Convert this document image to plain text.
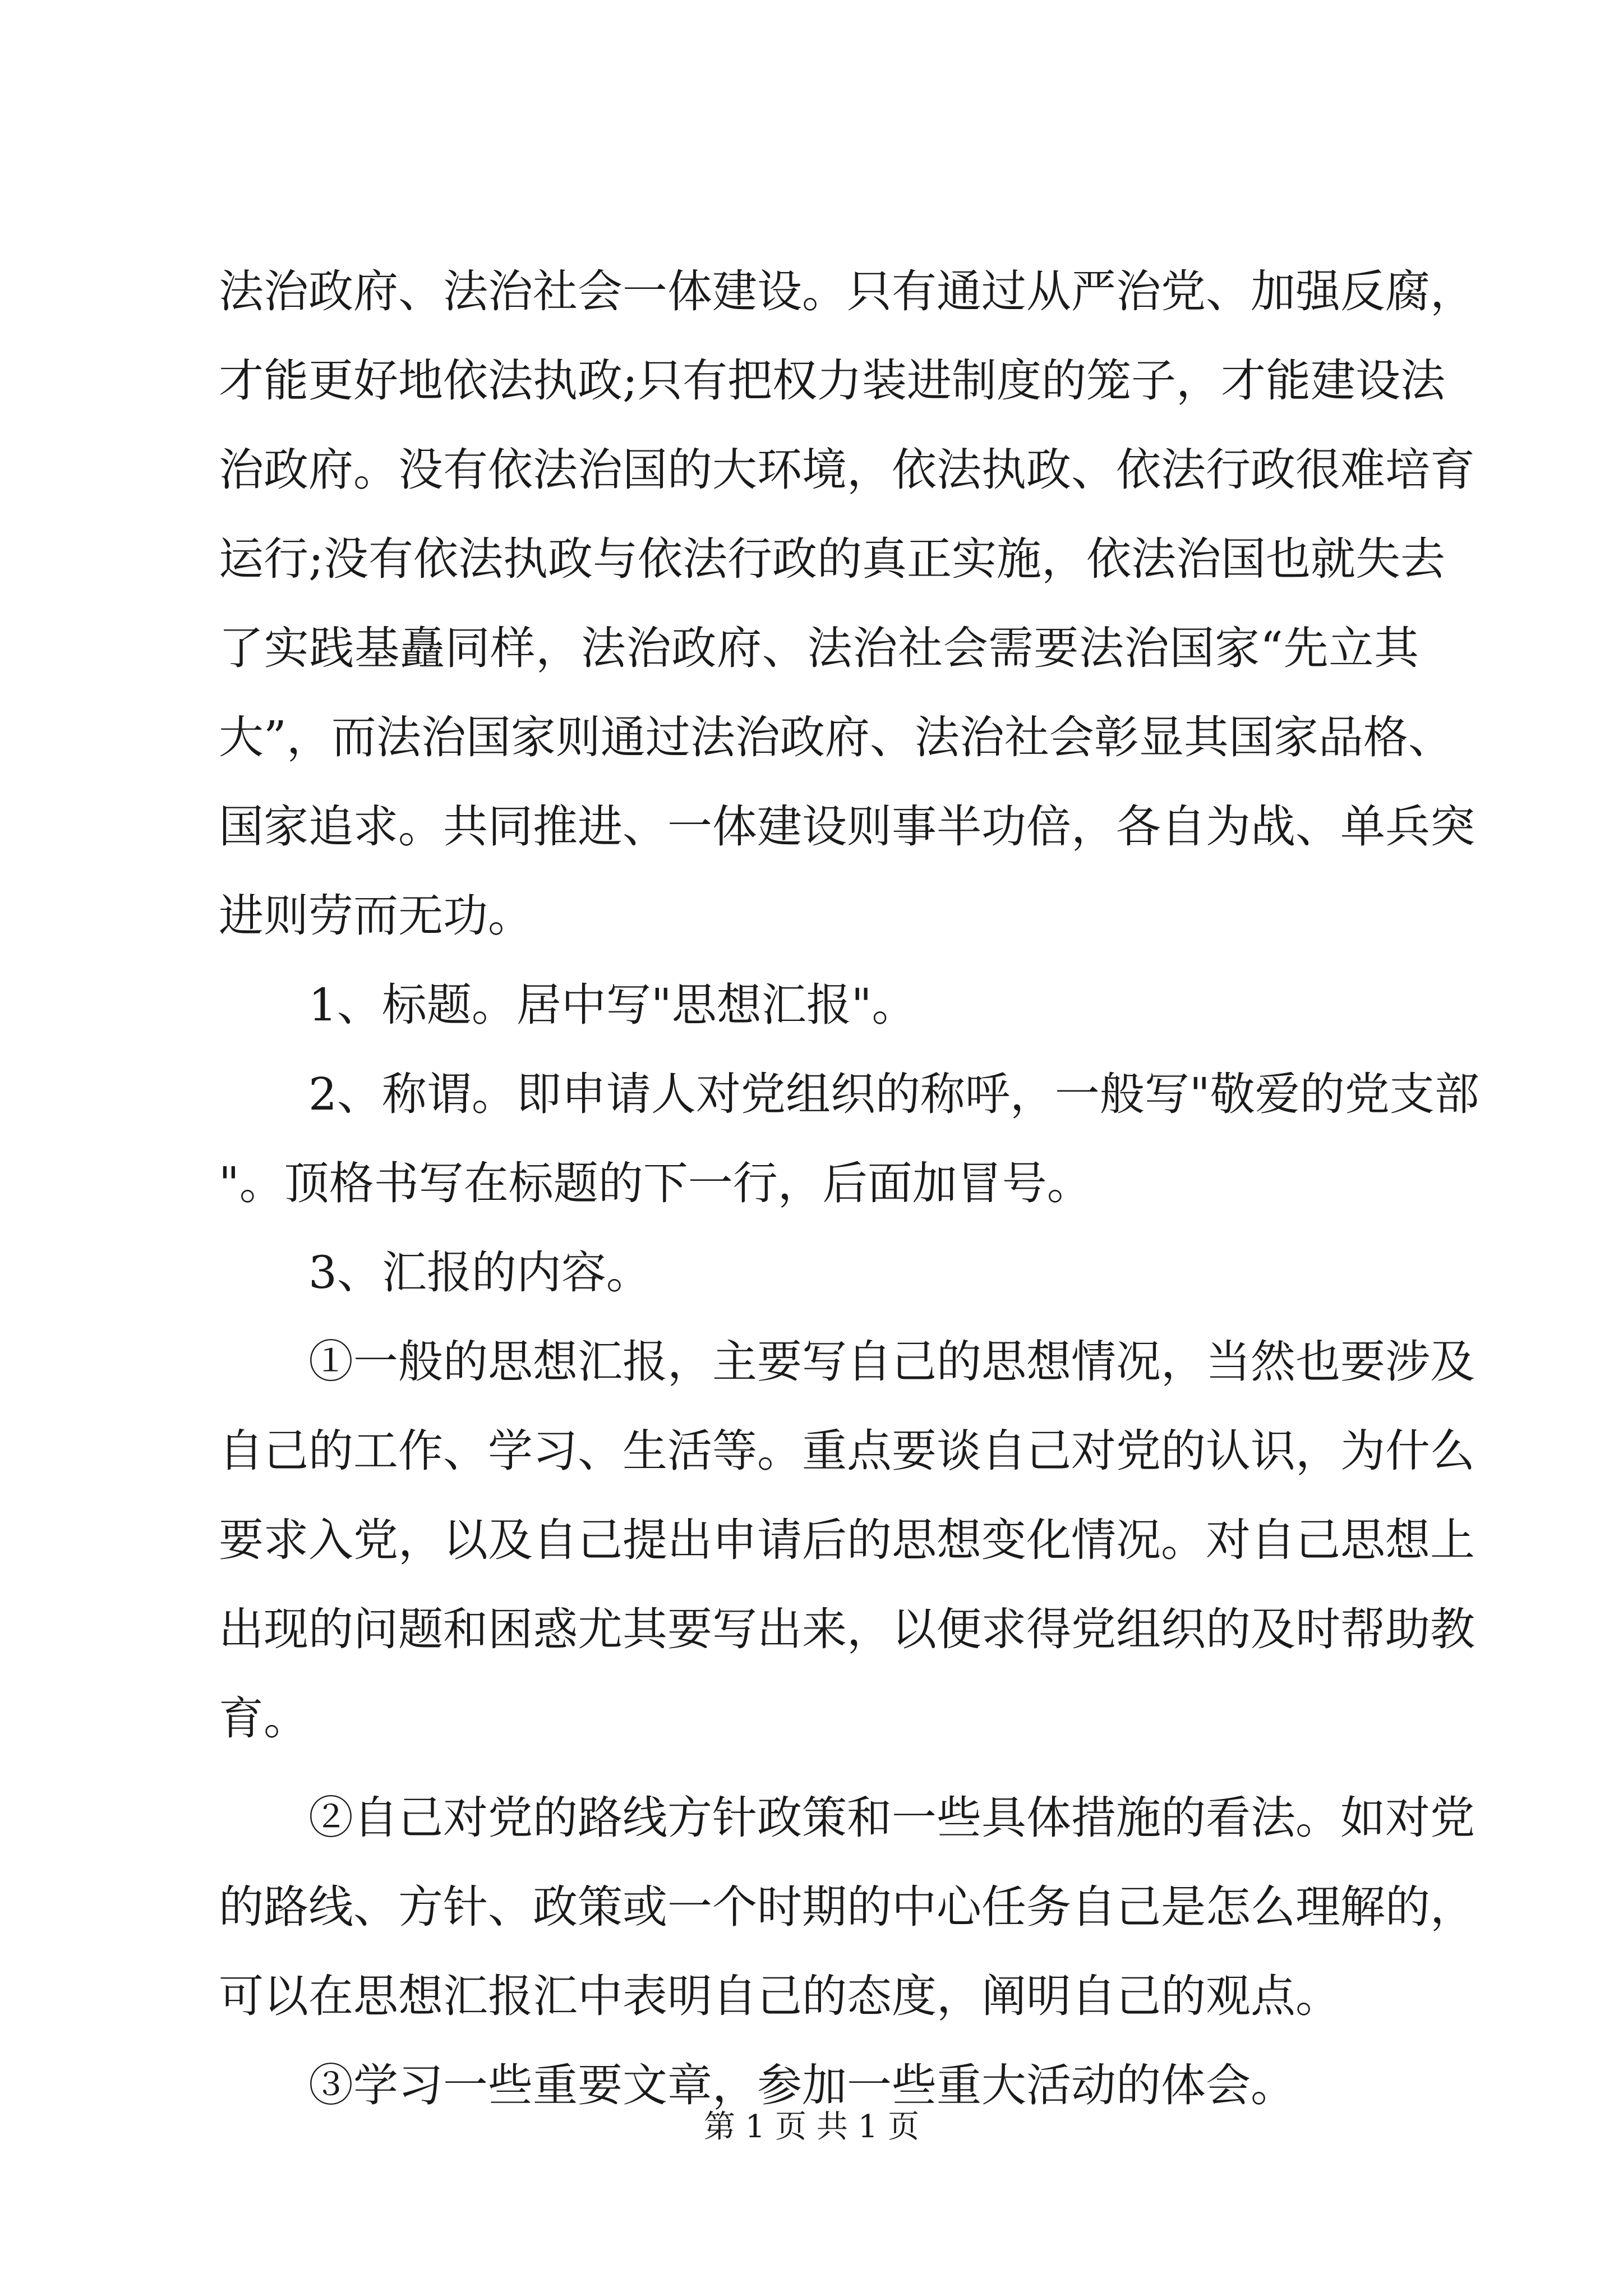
法治政府、法治社会一体建设。只有通过从严治党、加强反腐，
才能更好地依法执政;只有把权力装进制度的笼子，才能建设法
治政府。没有依法治国的大环境，依法执政、依法行政很难培育
运行;没有依法执政与依法行政的真正实施，依法治国也就失去
了实践基矗同样，法治政府、法治社会需要法治国家“先立其
大”，而法治国家则通过法治政府、法治社会彰显其国家品格、
国家追求。共同推进、一体建设则事半功倍，各自为战、单兵突
进则劳而无功。
1、标题。居中写"思想汇报"。
2、称谓。即申请人对党组织的称呼，一般写"敬爱的党支部
"。顶格书写在标题的下一行，后面加冒号。
3、汇报的内容。
①一般的思想汇报，主要写自己的思想情况，当然也要涉及
自己的工作、学习、生活等。重点要谈自己对党的认识，为什么
要求入党，以及自己提出申请后的思想变化情况。对自己思想上
出现的问题和困惑尤其要写出来，以便求得党组织的及时帮助教
育。
②自己对党的路线方针政策和一些具体措施的看法。如对党
的路线、方针、政策或一个时期的中心任务自己是怎么理解的，
可以在思想汇报汇中表明自己的态度，阐明自己的观点。
③学习一些重要文章，参加一些重大活动的体会。
第 1 页 共 1 页
